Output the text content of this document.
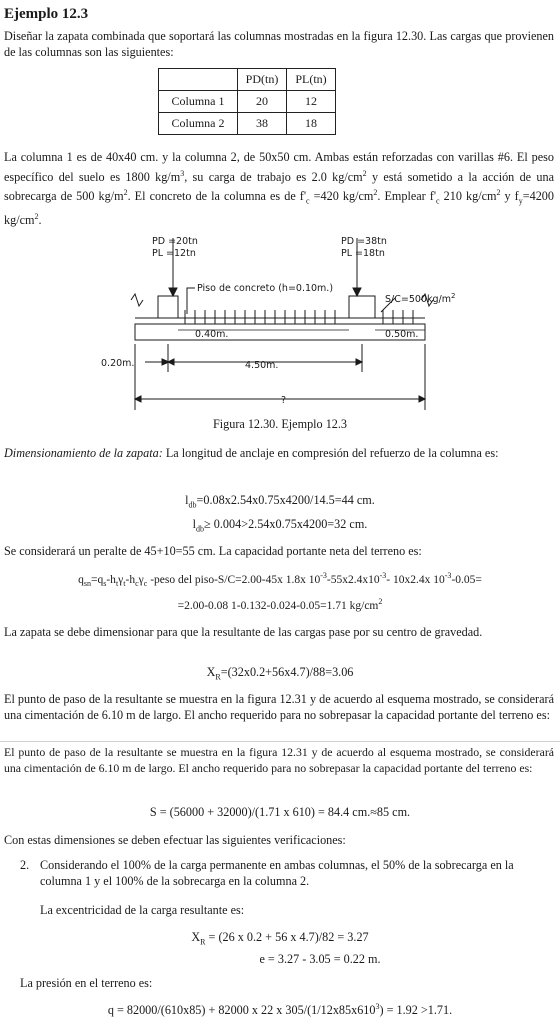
Ejemplo 12.3
Diseñar la zapata combinada que soportará las columnas mostradas en la figura 12.30. Las cargas que provienen de las columnas son las siguientes:
	PD(tn)	PL(tn)
Columna 1	20	12
Columna 2	38	18
La columna 1 es de 40x40 cm. y la columna 2, de 50x50 cm. Ambas están reforzadas con varillas #6. El peso específico del suelo es 1800 $kg/m^3$, su carga de trabajo es 2.0 $kg/cm^2$ y está sometido a la acción de una sobrecarga de 500 $kg/m^2$. El concreto de la columna es de $f'_c =420$ $kg/cm^2$. Emplear $f'_c$ 210 $kg/cm^2$ y $f_y=4200$ $kg/cm^2$.
PD =20tn
PL =12tn
PD =38tn
PL =18tn
Piso de concreto (h=0.10m.)
$S/C=500kg/m^2$
0.40m.	0.50m.
0.20m.	4.50m.
?
Figura 12.30. Ejemplo 12.3
Dimensionamiento de la zapata: La longitud de anclaje en compresión del refuerzo de la columna es:
$l_{db}=0.08x2.54x0.75x4200/14.5=44$ cm.
$l_{db}\ge 0.004>2.54x0.75x4200=32$ cm.
Se considerará un peralte de 45+10=55 cm. La capacidad portante neta del terreno es:
$q_{sn}=q_s-h_t\gamma_t-h_c\gamma_c$ -peso del piso-S/C=2.00-45x 1.8x $10^{-3}-55x2.4x10^{-3}-$ 10x2.4x $10^{-3}-0.05=$
=2.00-0.08 1-0.132-0.024-0.05=1.71 $kg/cm^2$
La zapata se debe dimensionar para que la resultante de las cargas pase por su centro de gravedad.
$X_R=(32x0.2+56x4.7)/88=3.06$
El punto de paso de la resultante se muestra en la figura 12.31 y de acuerdo al esquema mostrado, se considerará una cimentación de 6.10 m de largo. El ancho requerido para no sobrepasar la capacidad portante del terreno es:
El punto de paso de la resultante se muestra en la figura 12.31 y de acuerdo al esquema mostrado, se considerará una cimentación de 6.10 m de largo. El ancho requerido para no sobrepasar la capacidad portante del terreno es:
S = (56000 + 32000)/(1.71 x 610) = 84.4 cm.≈85 cm.
Con estas dimensiones se deben efectuar las siguientes verificaciones:
2. Considerando el 100% de la carga permanente en ambas columnas, el 50% de la sobrecarga en la columna 1 y el 100% de la sobrecarga en la columna 2.
La excentricidad de la carga resultante es:
$X_R = (26$ x 0.2 + 56 x 4.7)/82 = 3.27
e = 3.27 - 3.05 = 0.22 m.
La presión en el terreno es:
q = 82000/(610x85) + 82000 x 22 x $305/(1/12x85x610^3) = 1.92 >1.71$.
